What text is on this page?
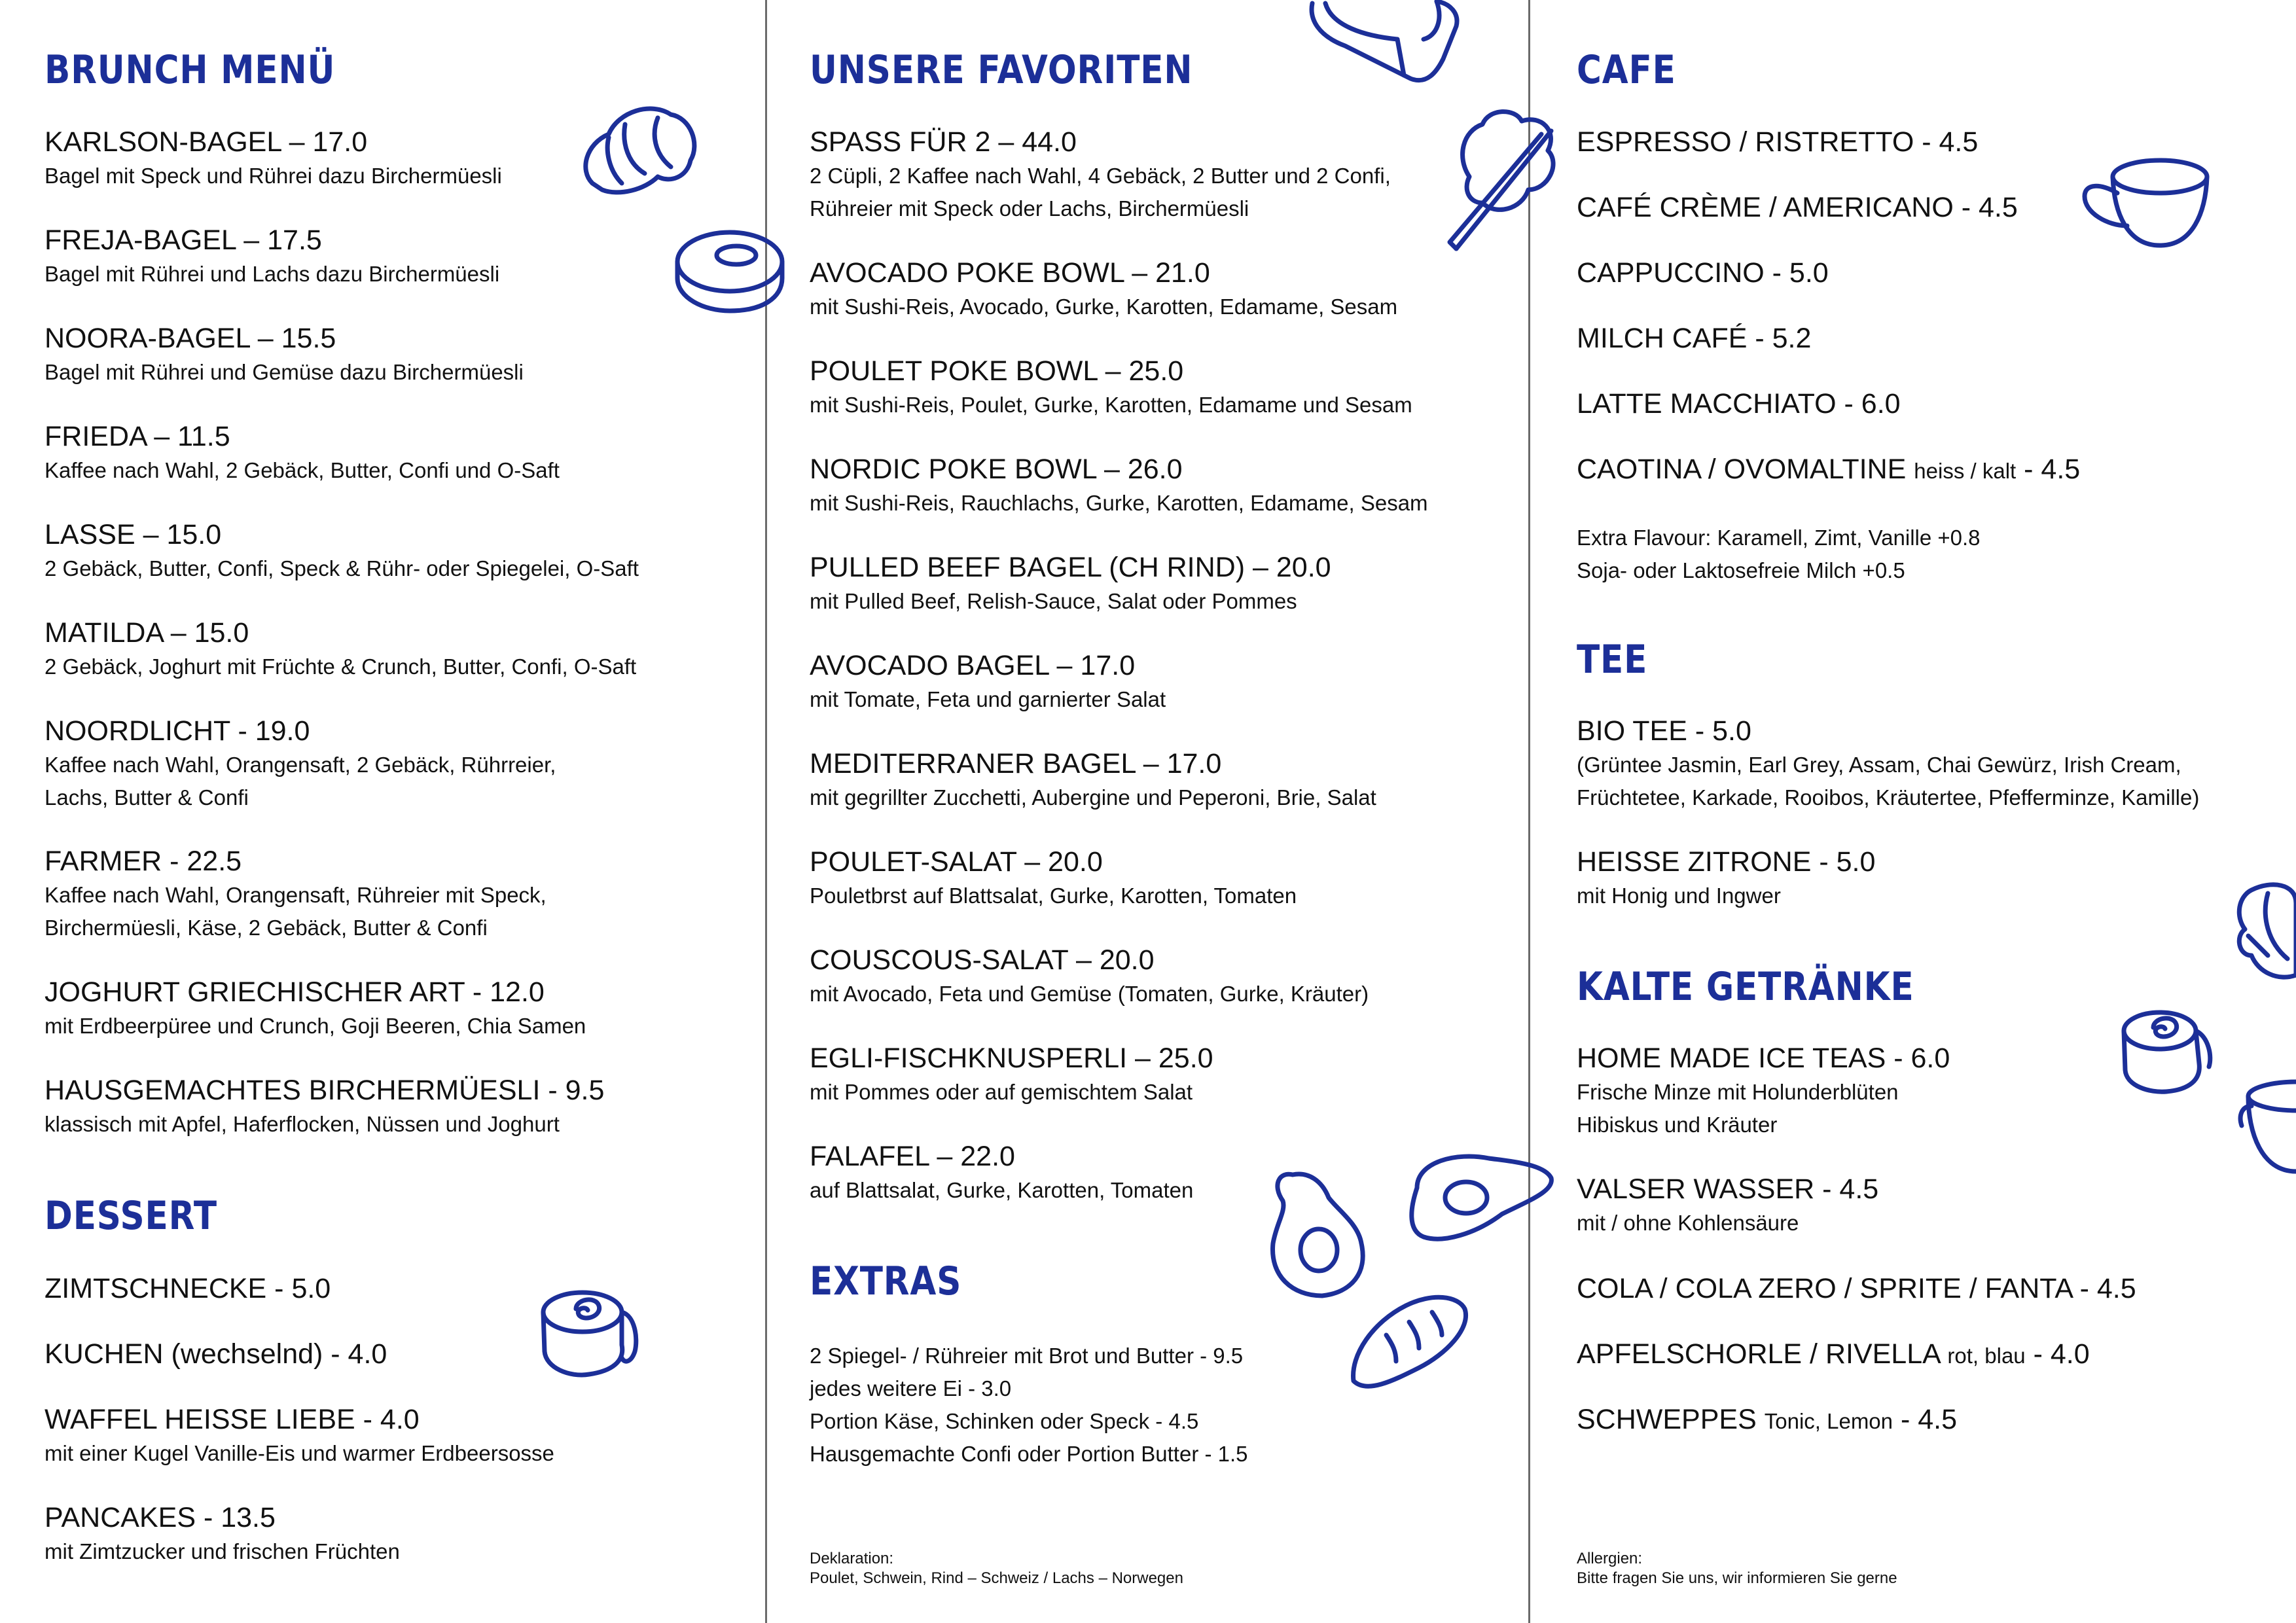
BRUNCH MENÜ
KARLSON-BAGEL – 17.0
Bagel mit Speck und Rührei dazu Birchermüesli
FREJA-BAGEL – 17.5
Bagel mit Rührei und Lachs dazu Birchermüesli
NOORA-BAGEL – 15.5
Bagel mit Rührei und Gemüse dazu Birchermüesli
FRIEDA – 11.5
Kaffee nach Wahl, 2 Gebäck, Butter, Confi und O-Saft
LASSE – 15.0
2 Gebäck, Butter, Confi, Speck & Rühr- oder Spiegelei, O-Saft
MATILDA – 15.0
2 Gebäck, Joghurt mit Früchte & Crunch, Butter, Confi, O-Saft
NOORDLICHT - 19.0
Kaffee nach Wahl, Orangensaft, 2 Gebäck, Rührreier,
Lachs, Butter & Confi
FARMER - 22.5
Kaffee nach Wahl, Orangensaft, Rühreier mit Speck,
Birchermüesli, Käse, 2 Gebäck, Butter & Confi
JOGHURT GRIECHISCHER ART - 12.0
mit Erdbeerpüree und Crunch, Goji Beeren, Chia Samen
HAUSGEMACHTES BIRCHERMÜESLI - 9.5
klassisch mit Apfel, Haferflocken, Nüssen und Joghurt
DESSERT
ZIMTSCHNECKE - 5.0
KUCHEN (wechselnd) - 4.0
WAFFEL HEISSE LIEBE - 4.0
mit einer Kugel Vanille-Eis und warmer Erdbeersosse
PANCAKES - 13.5
mit Zimtzucker und frischen Früchten
UNSERE FAVORITEN
SPASS FÜR 2 – 44.0
2 Cüpli, 2 Kaffee nach Wahl, 4 Gebäck, 2 Butter und 2 Confi,
Rühreier mit Speck oder Lachs, Birchermüesli
AVOCADO POKE BOWL – 21.0
mit Sushi-Reis, Avocado, Gurke, Karotten, Edamame, Sesam
POULET POKE BOWL – 25.0
mit Sushi-Reis, Poulet, Gurke, Karotten, Edamame und Sesam
NORDIC POKE BOWL – 26.0
mit Sushi-Reis, Rauchlachs, Gurke, Karotten, Edamame, Sesam
PULLED BEEF BAGEL (CH RIND) – 20.0
mit Pulled Beef, Relish-Sauce, Salat oder Pommes
AVOCADO BAGEL – 17.0
mit Tomate, Feta und garnierter Salat
MEDITERRANER BAGEL – 17.0
mit gegrillter Zucchetti, Aubergine und Peperoni, Brie, Salat
POULET-SALAT – 20.0
Pouletbrst auf Blattsalat, Gurke, Karotten, Tomaten
COUSCOUS-SALAT – 20.0
mit Avocado, Feta und Gemüse (Tomaten, Gurke, Kräuter)
EGLI-FISCHKNUSPERLI – 25.0
mit Pommes oder auf gemischtem Salat
FALAFEL – 22.0
auf Blattsalat, Gurke, Karotten, Tomaten
EXTRAS
2 Spiegel- / Rühreier mit Brot und Butter - 9.5
jedes weitere Ei - 3.0
Portion Käse, Schinken oder Speck - 4.5
Hausgemachte Confi oder Portion Butter - 1.5
Deklaration:
Poulet, Schwein, Rind – Schweiz / Lachs – Norwegen
CAFE
ESPRESSO / RISTRETTO - 4.5
CAFÉ CRÈME / AMERICANO - 4.5
CAPPUCCINO - 5.0
MILCH CAFÉ - 5.2
LATTE MACCHIATO - 6.0
CAOTINA / OVOMALTINE heiss / kalt - 4.5
Extra Flavour: Karamell, Zimt, Vanille +0.8
Soja- oder Laktosefreie Milch +0.5
TEE
BIO TEE - 5.0
(Grüntee Jasmin, Earl Grey, Assam, Chai Gewürz, Irish Cream,
Früchtetee, Karkade, Rooibos, Kräutertee, Pfefferminze, Kamille)
HEISSE ZITRONE - 5.0
mit Honig und Ingwer
KALTE GETRÄNKE
HOME MADE ICE TEAS - 6.0
Frische Minze mit Holunderblüten
Hibiskus und Kräuter
VALSER WASSER - 4.5
mit / ohne Kohlensäure
COLA / COLA ZERO / SPRITE / FANTA - 4.5
APFELSCHORLE / RIVELLA rot, blau - 4.0
SCHWEPPES Tonic, Lemon - 4.5
Allergien:
Bitte fragen Sie uns, wir informieren Sie gerne
